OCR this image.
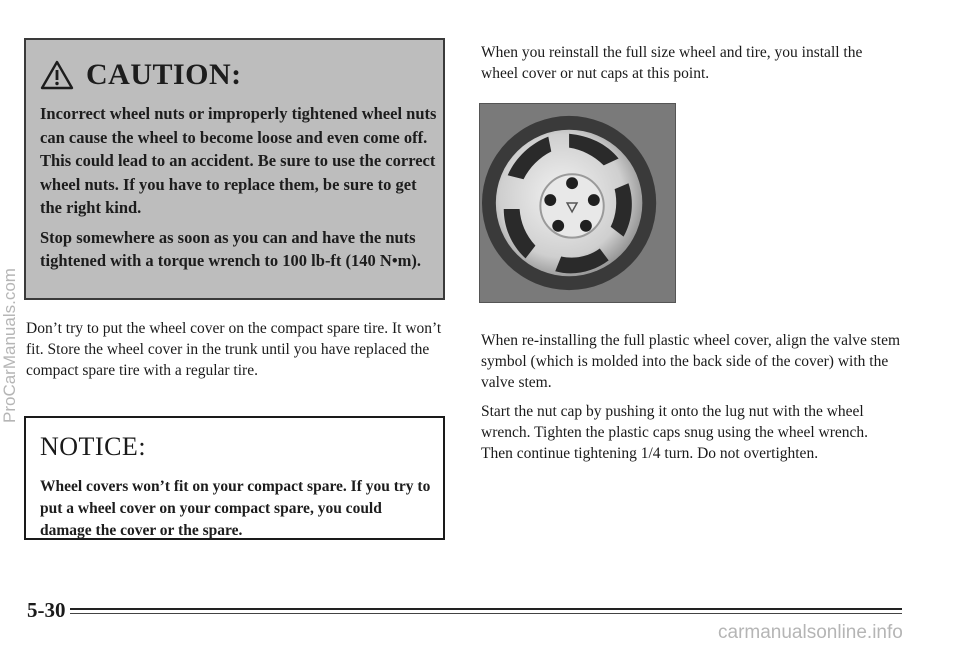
CAUTION:

Incorrect wheel nuts or improperly tightened wheel nuts can cause the wheel to become loose and even come off. This could lead to an accident. Be sure to use the correct wheel nuts. If you have to replace them, be sure to get the right kind.

Stop somewhere as soon as you can and have the nuts tightened with a torque wrench to 100 lb-ft (140 N•m).

Don’t try to put the wheel cover on the compact spare tire. It won’t fit. Store the wheel cover in the trunk until you have replaced the compact spare tire with a regular tire.
NOTICE:
Wheel covers won’t fit on your compact spare. If you try to put a wheel cover on your compact spare, you could damage the cover or the spare.
When you reinstall the full size wheel and tire, you install the wheel cover or nut caps at this point.
When re-installing the full plastic wheel cover, align the valve stem symbol (which is molded into the back side of the cover) with the valve stem.
Start the nut cap by pushing it onto the lug nut with the wheel wrench. Tighten the plastic caps snug using the wheel wrench. Then continue tightening 1/4 turn. Do not overtighten.
5-30
ProCarManuals.com
carmanualsonline.info
